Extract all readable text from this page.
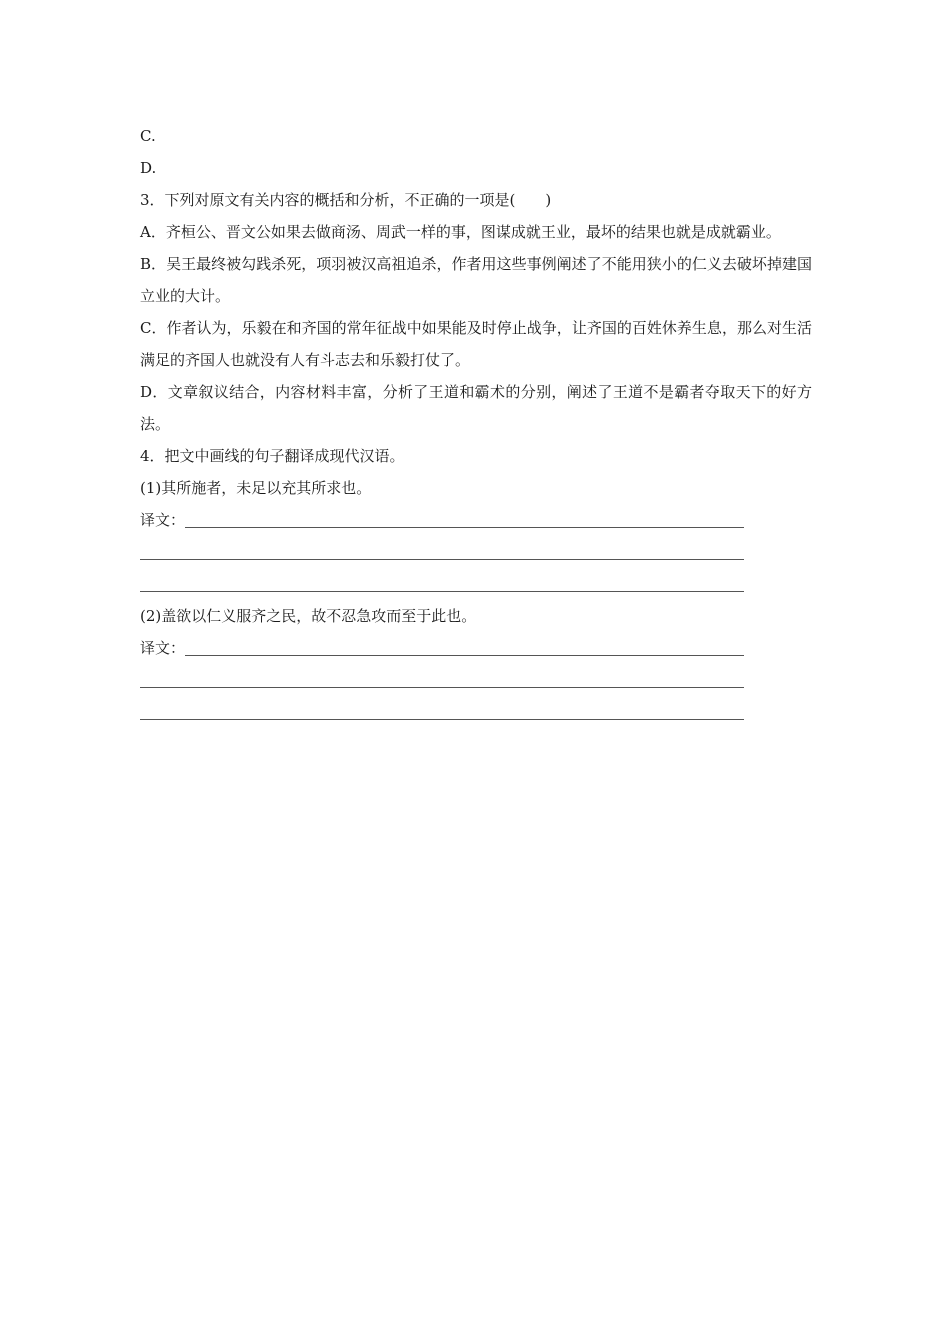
C.
D.
3．下列对原文有关内容的概括和分析，不正确的一项是(　　)
A．齐桓公、晋文公如果去做商汤、周武一样的事，图谋成就王业，最坏的结果也就是成就霸业。
B．吴王最终被勾践杀死，项羽被汉高祖追杀，作者用这些事例阐述了不能用狭小的仁义去破坏掉建国立业的大计。
C．作者认为，乐毅在和齐国的常年征战中如果能及时停止战争，让齐国的百姓休养生息，那么对生活满足的齐国人也就没有人有斗志去和乐毅打仗了。
D．文章叙议结合，内容材料丰富，分析了王道和霸术的分别，阐述了王道不是霸者夺取天下的好方法。
4．把文中画线的句子翻译成现代汉语。
(1)其所施者，未足以充其所求也。
译文：
(2)盖欲以仁义服齐之民，故不忍急攻而至于此也。
译文：
